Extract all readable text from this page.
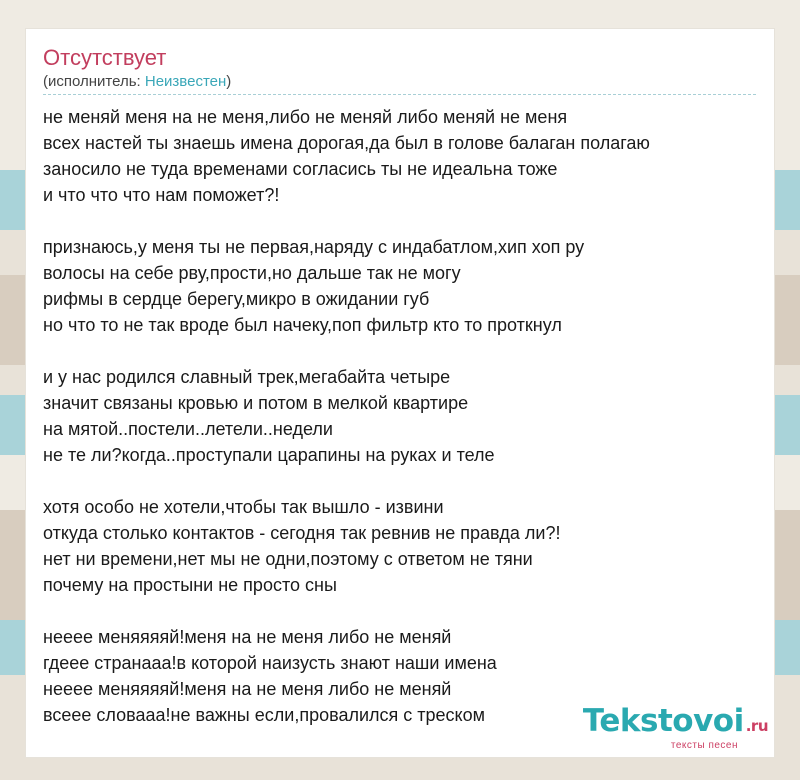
Отсутствует
(исполнитель: Неизвестен)
не меняй меня на не меня,либо не меняй либо меняй не меня
всех настей ты знаешь имена дорогая,да был в голове балаган полагаю
заносило не туда временами согласись ты не идеальна тоже
и что что что нам поможет?!
признаюсь,у меня ты не первая,наряду с индабатлом,хип хоп ру
волосы на себе рву,прости,но дальше так не могу
рифмы в сердце берегу,микро в ожидании губ
но что то не так вроде был начеку,поп фильтр кто то проткнул
и у нас родился славный трек,мегабайта четыре
значит связаны кровью и потом в мелкой квартире
на мятой..постели..летели..недели
не те ли?когда..проступали царапины на руках и теле
хотя особо не хотели,чтобы так вышло - извини
откуда столько контактов - сегодня так ревнив не правда ли?!
нет ни времени,нет мы не одни,поэтому с ответом не тяни
почему на простыни не просто сны
нееее меняяяяй!меня на не меня либо не меняй
гдеее странааа!в которой наизусть знают наши имена
нееее меняяяяй!меня на не меня либо не меняй
всеее словааа!не важны если,провалился с треском	Tekstovoi .ru
тексты песен
